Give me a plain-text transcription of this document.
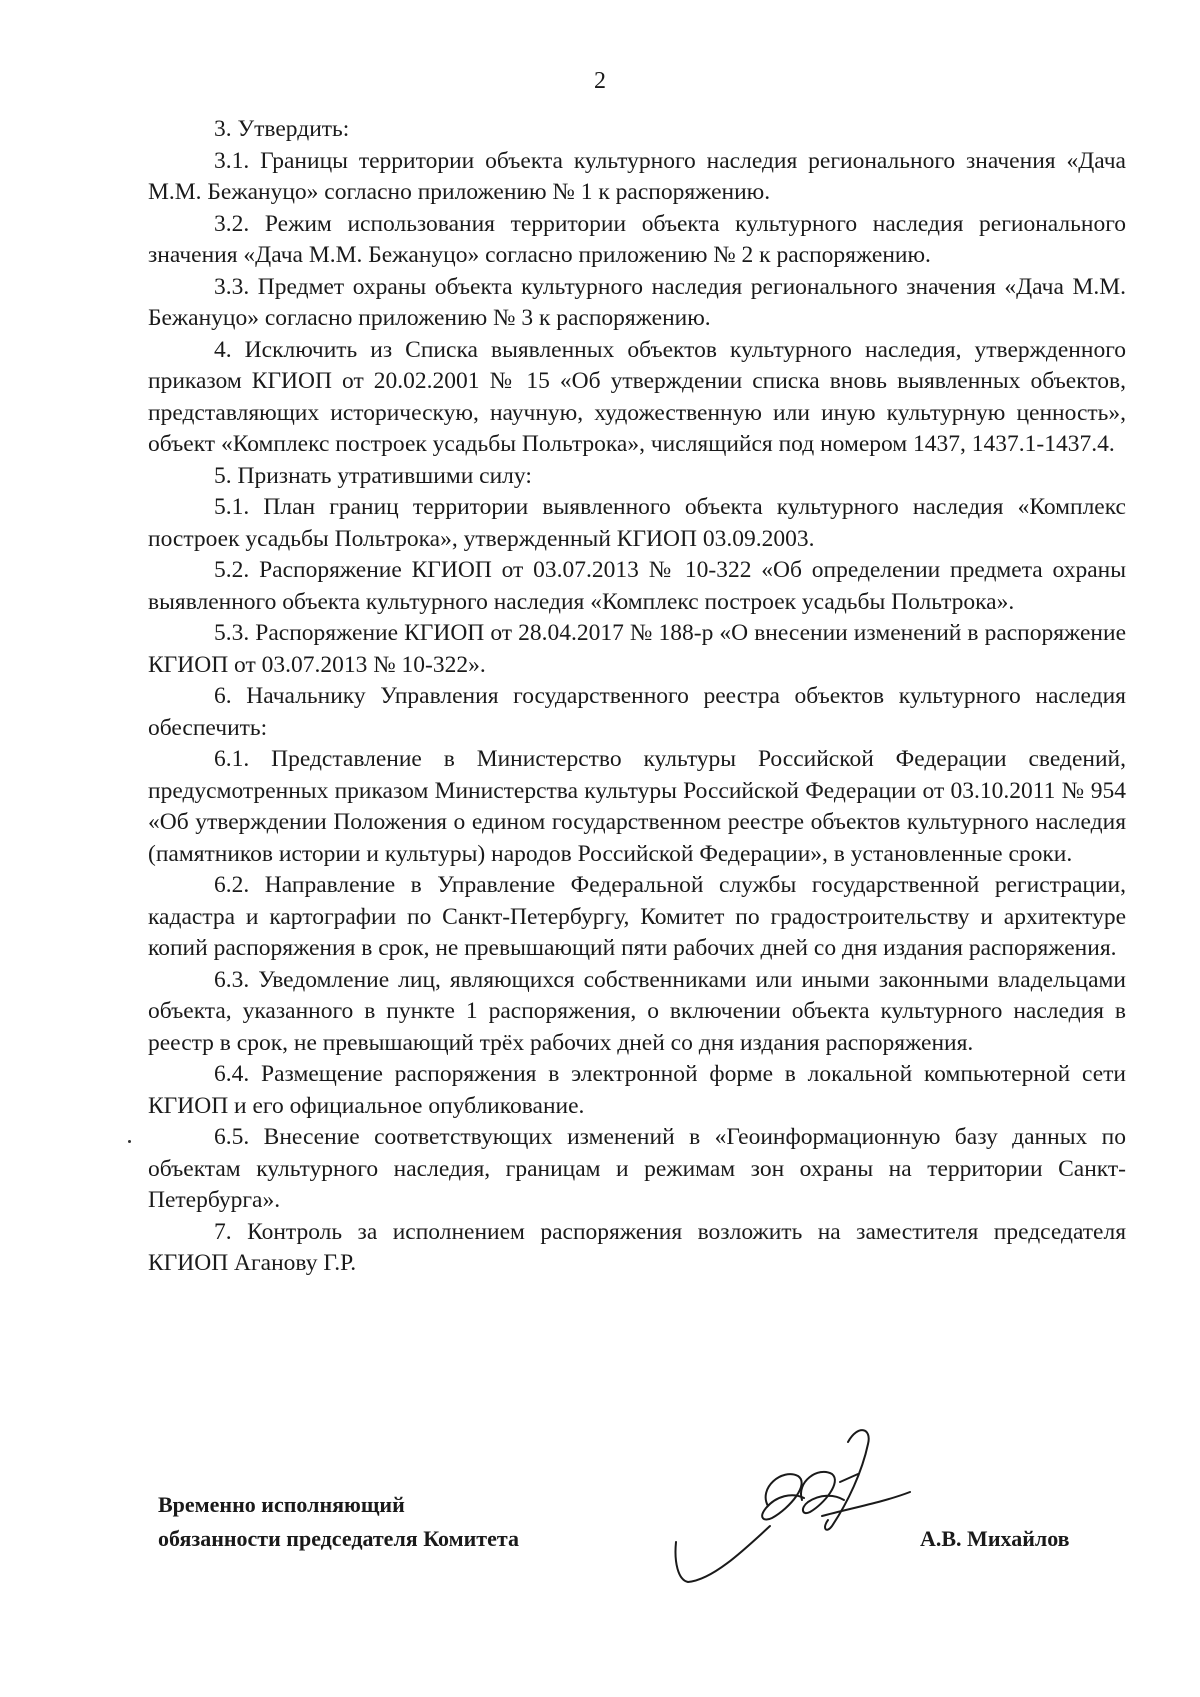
2

3. Утвердить:

3.1. Границы территории объекта культурного наследия регионального значения «Дача М.М. Бежануцо» согласно приложению № 1 к распоряжению.

3.2. Режим использования территории объекта культурного наследия регионального значения «Дача М.М. Бежануцо» согласно приложению № 2 к распоряжению.

3.3. Предмет охраны объекта культурного наследия регионального значения «Дача М.М. Бежануцо» согласно приложению № 3 к распоряжению.

4. Исключить из Списка выявленных объектов культурного наследия, утвержденного приказом КГИОП от 20.02.2001 № 15 «Об утверждении списка вновь выявленных объектов, представляющих историческую, научную, художественную или иную культурную ценность», объект «Комплекс построек усадьбы Польтрока», числящийся под номером 1437, 1437.1-1437.4.

5. Признать утратившими силу:

5.1. План границ территории выявленного объекта культурного наследия «Комплекс построек усадьбы Польтрока», утвержденный КГИОП 03.09.2003.

5.2. Распоряжение КГИОП от 03.07.2013 № 10-322 «Об определении предмета охраны выявленного объекта культурного наследия «Комплекс построек усадьбы Польтрока».

5.3. Распоряжение КГИОП от 28.04.2017 № 188-р «О внесении изменений в распоряжение КГИОП от 03.07.2013 № 10-322».

6. Начальнику Управления государственного реестра объектов культурного наследия обеспечить:

6.1. Представление в Министерство культуры Российской Федерации сведений, предусмотренных приказом Министерства культуры Российской Федерации от 03.10.2011 № 954 «Об утверждении Положения о едином государственном реестре объектов культурного наследия (памятников истории и культуры) народов Российской Федерации», в установленные сроки.

6.2. Направление в Управление Федеральной службы государственной регистрации, кадастра и картографии по Санкт-Петербургу, Комитет по градостроительству и архитектуре копий распоряжения в срок, не превышающий пяти рабочих дней со дня издания распоряжения.

6.3. Уведомление лиц, являющихся собственниками или иными законными владельцами объекта, указанного в пункте 1 распоряжения, о включении объекта культурного наследия в реестр в срок, не превышающий трёх рабочих дней со дня издания распоряжения.

6.4. Размещение распоряжения в электронной форме в локальной компьютерной сети КГИОП и его официальное опубликование.

6.5. Внесение соответствующих изменений в «Геоинформационную базу данных по объектам культурного наследия, границам и режимам зон охраны на территории Санкт-Петербурга».

7. Контроль за исполнением распоряжения возложить на заместителя председателя КГИОП Аганову Г.Р.

Временно исполняющий
обязанности председателя Комитета	А.В. Михайлов
